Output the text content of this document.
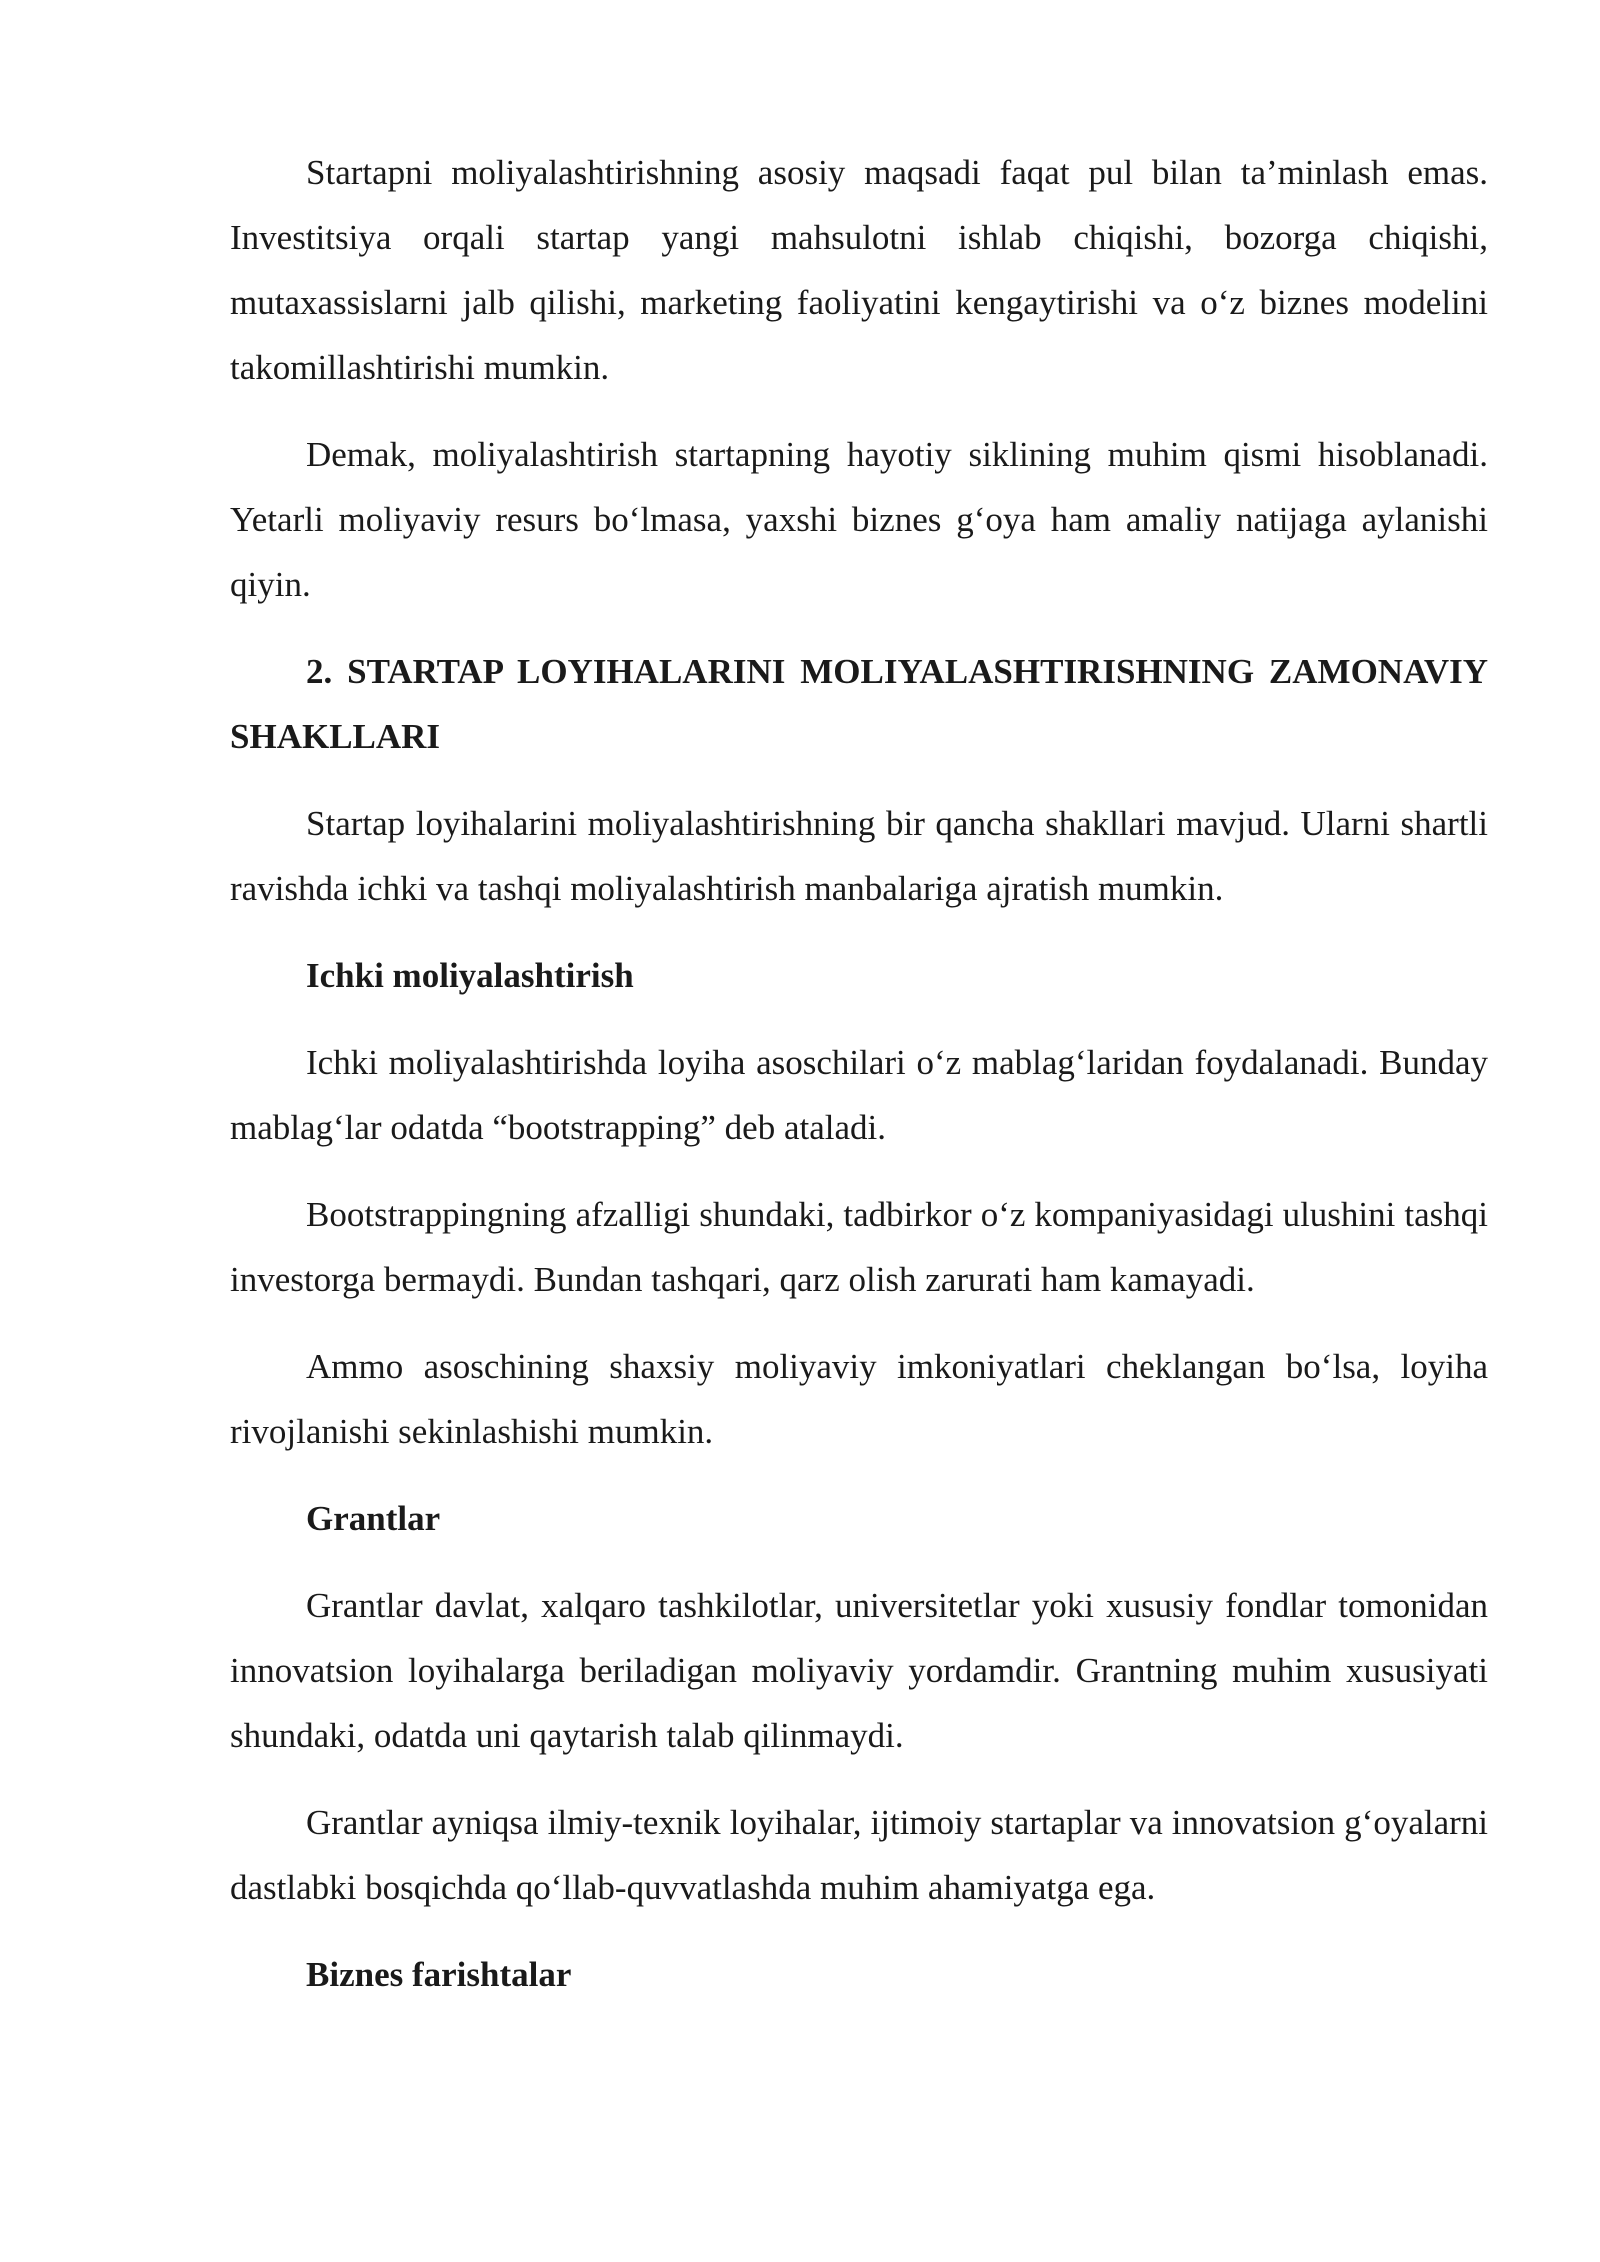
Startapni moliyalashtirishning asosiy maqsadi faqat pul bilan ta’minlash emas. Investitsiya orqali startap yangi mahsulotni ishlab chiqishi, bozorga chiqishi, mutaxassislarni jalb qilishi, marketing faoliyatini kengaytirishi va o‘z biznes modelini takomillashtirishi mumkin.

Demak, moliyalashtirish startapning hayotiy siklining muhim qismi hisoblanadi. Yetarli moliyaviy resurs bo‘lmasa, yaxshi biznes g‘oya ham amaliy natijaga aylanishi qiyin.

2. STARTAP LOYIHALARINI MOLIYALASHTIRISHNING ZAMONAVIY SHAKLLARI

Startap loyihalarini moliyalashtirishning bir qancha shakllari mavjud. Ularni shartli ravishda ichki va tashqi moliyalashtirish manbalariga ajratish mumkin.

Ichki moliyalashtirish

Ichki moliyalashtirishda loyiha asoschilari o‘z mablag‘laridan foydalanadi. Bunday mablag‘lar odatda “bootstrapping” deb ataladi.

Bootstrappingning afzalligi shundaki, tadbirkor o‘z kompaniyasidagi ulushini tashqi investorga bermaydi. Bundan tashqari, qarz olish zarurati ham kamayadi.

Ammo asoschining shaxsiy moliyaviy imkoniyatlari cheklangan bo‘lsa, loyiha rivojlanishi sekinlashishi mumkin.

Grantlar

Grantlar davlat, xalqaro tashkilotlar, universitetlar yoki xususiy fondlar tomonidan innovatsion loyihalarga beriladigan moliyaviy yordamdir. Grantning muhim xususiyati shundaki, odatda uni qaytarish talab qilinmaydi.

Grantlar ayniqsa ilmiy-texnik loyihalar, ijtimoiy startaplar va innovatsion g‘oyalarni dastlabki bosqichda qo‘llab-quvvatlashda muhim ahamiyatga ega.

Biznes farishtalar
